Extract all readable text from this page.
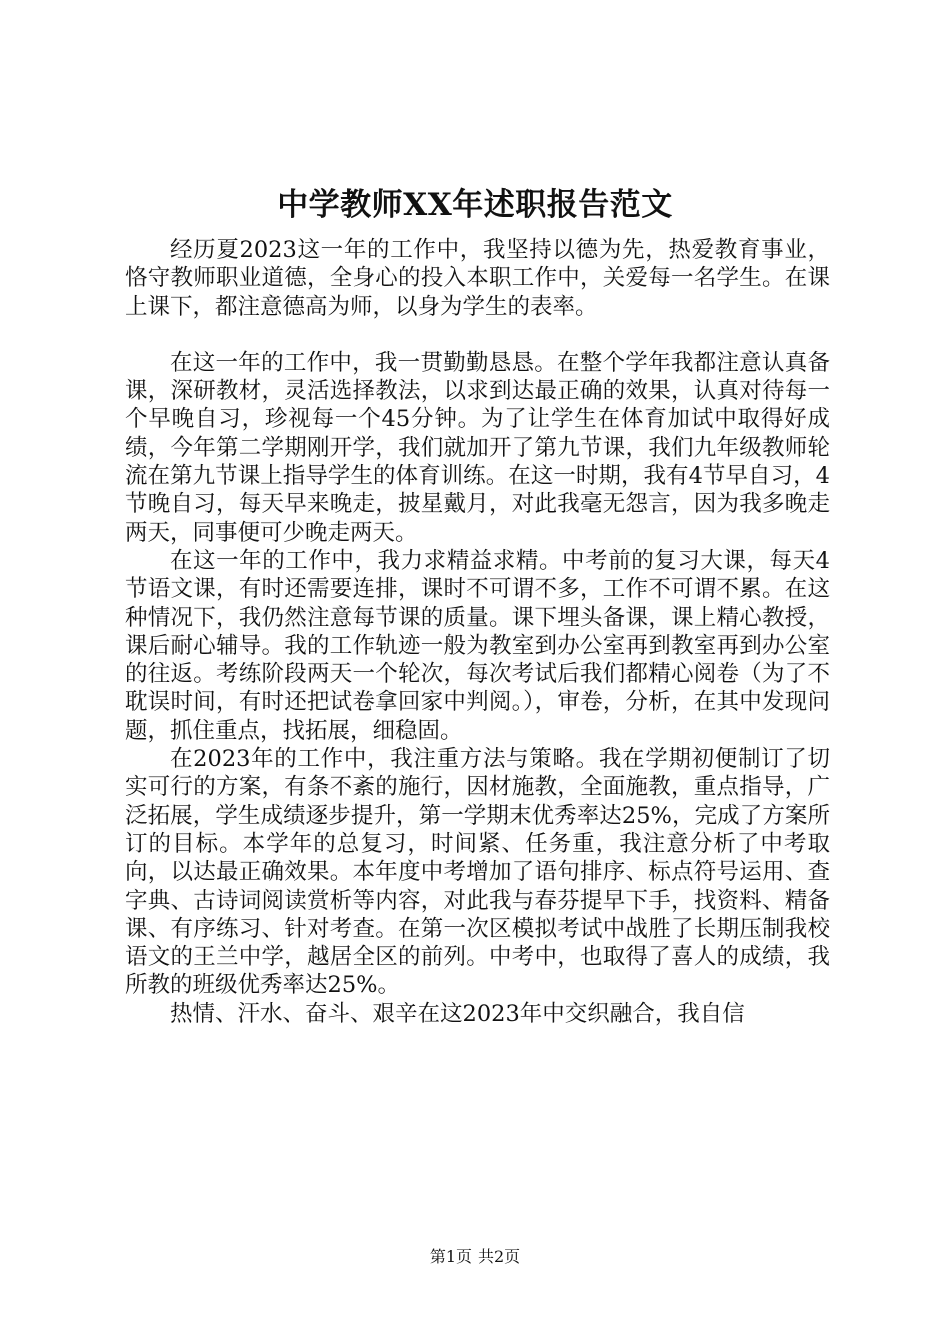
中学教师XX年述职报告范文

经历夏2023这一年的工作中，我坚持以德为先，热爱教育事业，恪守教师职业道德，全身心的投入本职工作中，关爱每一名学生。在课上课下，都注意德高为师，以身为学生的表率。

在这一年的工作中，我一贯勤勤恳恳。在整个学年我都注意认真备课，深研教材，灵活选择教法，以求到达最正确的效果，认真对待每一个早晚自习，珍视每一个45分钟。为了让学生在体育加试中取得好成绩，今年第二学期刚开学，我们就加开了第九节课，我们九年级教师轮流在第九节课上指导学生的体育训练。在这一时期，我有4节早自习，4节晚自习，每天早来晚走，披星戴月，对此我毫无怨言，因为我多晚走两天，同事便可少晚走两天。

在这一年的工作中，我力求精益求精。中考前的复习大课，每天4节语文课，有时还需要连排，课时不可谓不多，工作不可谓不累。在这种情况下，我仍然注意每节课的质量。课下埋头备课，课上精心教授，课后耐心辅导。我的工作轨迹一般为教室到办公室再到教室再到办公室的往返。考练阶段两天一个轮次，每次考试后我们都精心阅卷（为了不耽误时间，有时还把试卷拿回家中判阅。），审卷，分析，在其中发现问题，抓住重点，找拓展，细稳固。

在2023年的工作中，我注重方法与策略。我在学期初便制订了切实可行的方案，有条不紊的施行，因材施教，全面施教，重点指导，广泛拓展，学生成绩逐步提升，第一学期末优秀率达25%，完成了方案所订的目标。本学年的总复习，时间紧、任务重，我注意分析了中考取向，以达最正确效果。本年度中考增加了语句排序、标点符号运用、查字典、古诗词阅读赏析等内容，对此我与春芬提早下手，找资料、精备课、有序练习、针对考查。在第一次区模拟考试中战胜了长期压制我校语文的王兰中学，越居全区的前列。中考中，也取得了喜人的成绩，我所教的班级优秀率达25%。

热情、汗水、奋斗、艰辛在这2023年中交织融合，我自信

第1页 共2页
